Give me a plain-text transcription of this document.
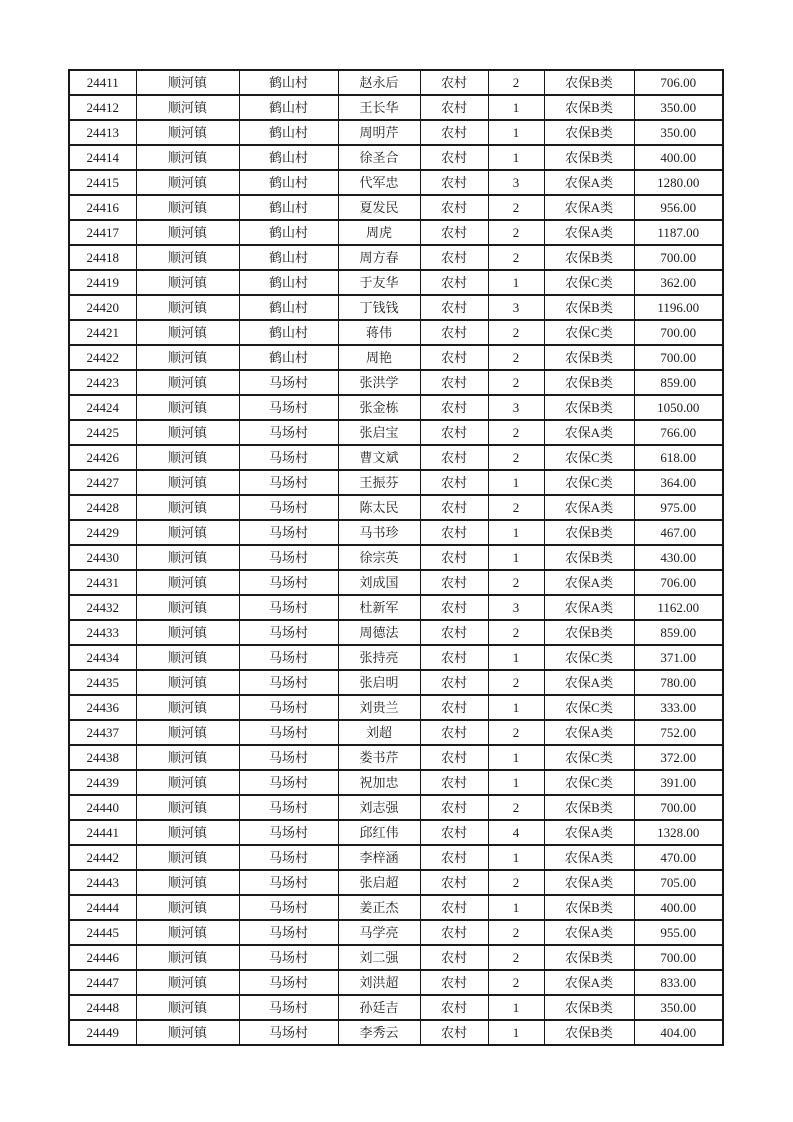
24411	顺河镇	鹤山村	赵永后	农村	2	农保B类	706.00
24412	顺河镇	鹤山村	王长华	农村	1	农保B类	350.00
24413	顺河镇	鹤山村	周明芹	农村	1	农保B类	350.00
24414	顺河镇	鹤山村	徐圣合	农村	1	农保B类	400.00
24415	顺河镇	鹤山村	代军忠	农村	3	农保A类	1280.00
24416	顺河镇	鹤山村	夏发民	农村	2	农保A类	956.00
24417	顺河镇	鹤山村	周虎	农村	2	农保A类	1187.00
24418	顺河镇	鹤山村	周方春	农村	2	农保B类	700.00
24419	顺河镇	鹤山村	于友华	农村	1	农保C类	362.00
24420	顺河镇	鹤山村	丁钱钱	农村	3	农保B类	1196.00
24421	顺河镇	鹤山村	蒋伟	农村	2	农保C类	700.00
24422	顺河镇	鹤山村	周艳	农村	2	农保B类	700.00
24423	顺河镇	马场村	张洪学	农村	2	农保B类	859.00
24424	顺河镇	马场村	张金栋	农村	3	农保B类	1050.00
24425	顺河镇	马场村	张启宝	农村	2	农保A类	766.00
24426	顺河镇	马场村	曹文斌	农村	2	农保C类	618.00
24427	顺河镇	马场村	王振芬	农村	1	农保C类	364.00
24428	顺河镇	马场村	陈太民	农村	2	农保A类	975.00
24429	顺河镇	马场村	马书珍	农村	1	农保B类	467.00
24430	顺河镇	马场村	徐宗英	农村	1	农保B类	430.00
24431	顺河镇	马场村	刘成国	农村	2	农保A类	706.00
24432	顺河镇	马场村	杜新军	农村	3	农保A类	1162.00
24433	顺河镇	马场村	周德法	农村	2	农保B类	859.00
24434	顺河镇	马场村	张持亮	农村	1	农保C类	371.00
24435	顺河镇	马场村	张启明	农村	2	农保A类	780.00
24436	顺河镇	马场村	刘贵兰	农村	1	农保C类	333.00
24437	顺河镇	马场村	刘超	农村	2	农保A类	752.00
24438	顺河镇	马场村	娄书芹	农村	1	农保C类	372.00
24439	顺河镇	马场村	祝加忠	农村	1	农保C类	391.00
24440	顺河镇	马场村	刘志强	农村	2	农保B类	700.00
24441	顺河镇	马场村	邱红伟	农村	4	农保A类	1328.00
24442	顺河镇	马场村	李梓涵	农村	1	农保A类	470.00
24443	顺河镇	马场村	张启超	农村	2	农保A类	705.00
24444	顺河镇	马场村	姜正杰	农村	1	农保B类	400.00
24445	顺河镇	马场村	马学亮	农村	2	农保A类	955.00
24446	顺河镇	马场村	刘二强	农村	2	农保B类	700.00
24447	顺河镇	马场村	刘洪超	农村	2	农保A类	833.00
24448	顺河镇	马场村	孙廷吉	农村	1	农保B类	350.00
24449	顺河镇	马场村	李秀云	农村	1	农保B类	404.00
